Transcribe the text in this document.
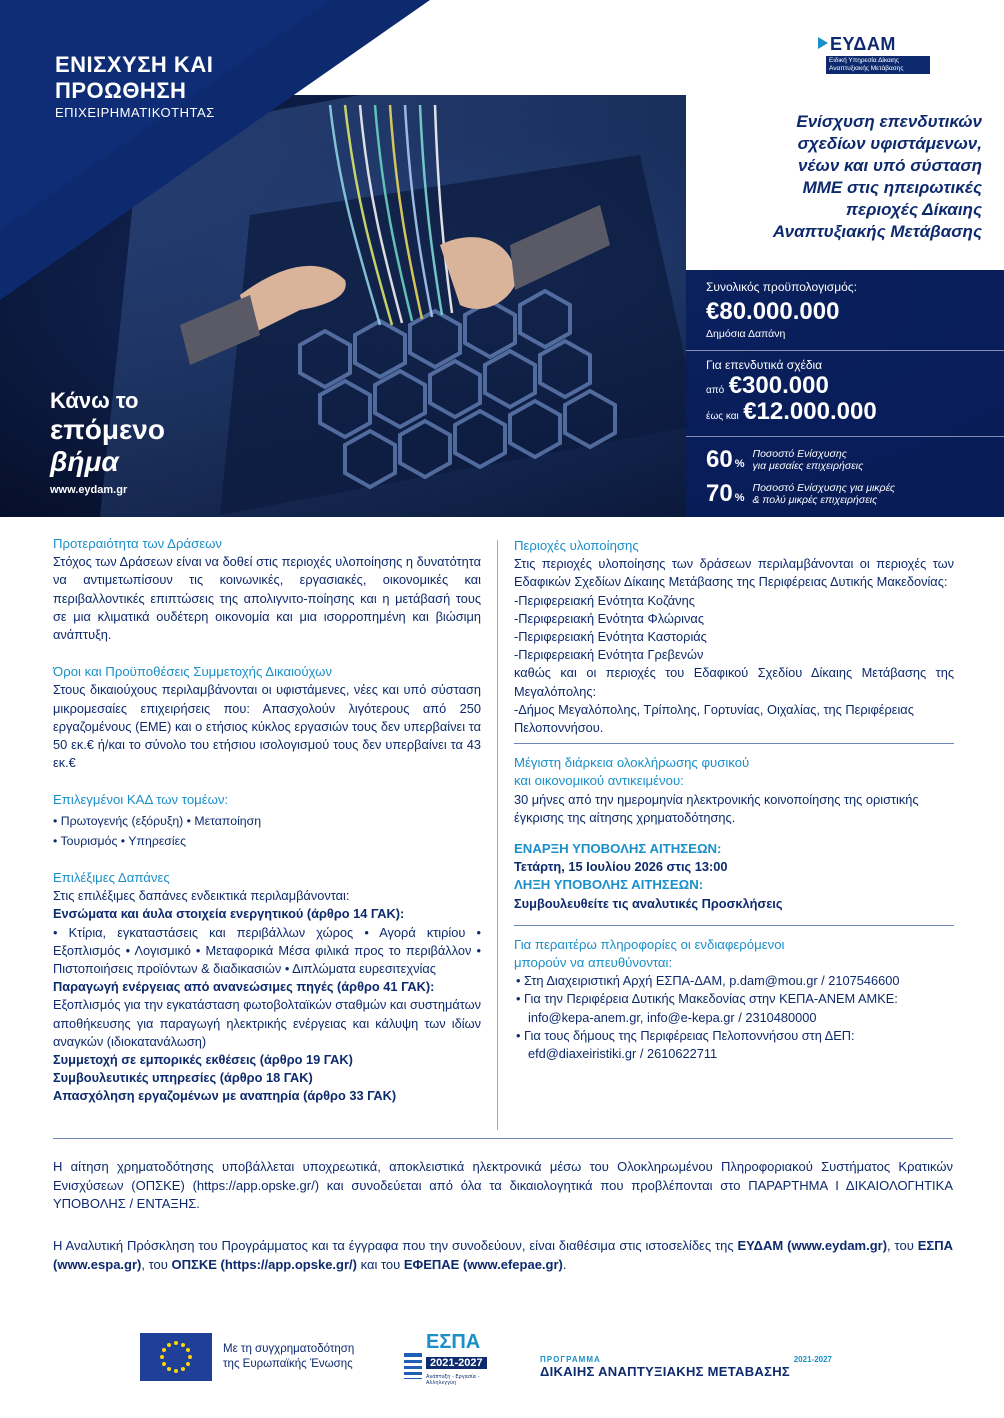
ΕΝΙΣΧΥΣΗ ΚΑΙ
ΠΡΟΩΘΗΣΗ
ΕΠΙΧΕΙΡΗΜΑΤΙΚΟΤΗΤΑΣ
Κάνω το
επόμενο
βήμα
www.eydam.gr
ΕΥΔΑΜ
Ειδική Υπηρεσία Δίκαιης
Αναπτυξιακής Μετάβασης
Ενίσχυση επενδυτικών
σχεδίων υφιστάμενων,
νέων και υπό σύσταση
ΜΜΕ στις ηπειρωτικές
περιοχές Δίκαιης
Αναπτυξιακής Μετάβασης
Συνολικός προϋπολογισμός:
€80.000.000
Δημόσια Δαπάνη
Για επενδυτικά σχέδια
από €300.000
έως και €12.000.000
60 %
Ποσοστό Ενίσχυσης
για μεσαίες επιχειρήσεις
70 %
Ποσοστό Ενίσχυσης για μικρές
& πολύ μικρές επιχειρήσεις
Προτεραιότητα των Δράσεων
Στόχος των Δράσεων είναι να δοθεί στις περιοχές υλοποίησης η δυνατότητα να αντιμετωπίσουν τις κοινωνικές, εργασιακές, οικονομικές και περιβαλλοντικές επιπτώσεις της απολιγνιτο-ποίησης και η μετάβασή τους σε μια κλιματικά ουδέτερη οικονομία και μια ισορροπημένη και βιώσιμη ανάπτυξη.
Όροι και Προϋποθέσεις Συμμετοχής Δικαιούχων
Στους δικαιούχους περιλαμβάνονται οι υφιστάμενες, νέες και υπό σύσταση μικρομεσαίες επιχειρήσεις που: Απασχολούν λιγότερους από 250 εργαζομένους (ΕΜΕ) και ο ετήσιος κύκλος εργασιών τους δεν υπερβαίνει τα 50 εκ.€ ή/και το σύνολο του ετήσιου ισολογισμού τους δεν υπερβαίνει τα 43 εκ.€
Επιλεγμένοι ΚΑΔ των τομέων:
• Πρωτογενής (εξόρυξη) • Μεταποίηση
• Τουρισμός • Υπηρεσίες
Επιλέξιμες Δαπάνες
Στις επιλέξιμες δαπάνες ενδεικτικά περιλαμβάνονται:
Ενσώματα και άυλα στοιχεία ενεργητικού (άρθρο 14 ΓΑΚ):
• Κτίρια, εγκαταστάσεις και περιβάλλων χώρος • Αγορά κτιρίου • Εξοπλισμός • Λογισμικό • Μεταφορικά Μέσα φιλικά προς το περιβάλλον • Πιστοποιήσεις προϊόντων & διαδικασιών • Διπλώματα ευρεσιτεχνίας
Παραγωγή ενέργειας από ανανεώσιμες πηγές (άρθρο 41 ΓΑΚ):
Εξοπλισμός για την εγκατάσταση φωτοβολταϊκών σταθμών και συστημάτων αποθήκευσης για παραγωγή ηλεκτρικής ενέργειας και κάλυψη των ιδίων αναγκών (ιδιοκατανάλωση)
Συμμετοχή σε εμπορικές εκθέσεις (άρθρο 19 ΓΑΚ)
Συμβουλευτικές υπηρεσίες (άρθρο 18 ΓΑΚ)
Απασχόληση εργαζομένων με αναπηρία (άρθρο 33 ΓΑΚ)
Περιοχές υλοποίησης
Στις περιοχές υλοποίησης των δράσεων περιλαμβάνονται οι περιοχές των Εδαφικών Σχεδίων Δίκαιης Μετάβασης της Περιφέρειας Δυτικής Μακεδονίας:
-Περιφερειακή Ενότητα Κοζάνης
-Περιφερειακή Ενότητα Φλώρινας
-Περιφερειακή Ενότητα Καστοριάς
-Περιφερειακή Ενότητα Γρεβενών
καθώς και οι περιοχές του Εδαφικού Σχεδίου Δίκαιης Μετάβασης της Μεγαλόπολης:
-Δήμος Μεγαλόπολης, Τρίπολης, Γορτυνίας, Οιχαλίας, της Περιφέρειας Πελοποννήσου.
Μέγιστη διάρκεια ολοκλήρωσης φυσικού
και οικονομικού αντικειμένου:
30 μήνες από την ημερομηνία ηλεκτρονικής κοινοποίησης της οριστικής έγκρισης της αίτησης χρηματοδότησης.
ΕΝΑΡΞΗ ΥΠΟΒΟΛΗΣ ΑΙΤΗΣΕΩΝ:
Τετάρτη, 15 Ιουλίου 2026 στις 13:00
ΛΗΞΗ ΥΠΟΒΟΛΗΣ ΑΙΤΗΣΕΩΝ:
Συμβουλευθείτε τις αναλυτικές Προσκλήσεις
Για περαιτέρω πληροφορίες οι ενδιαφερόμενοι
μπορούν να απευθύνονται:
• Στη Διαχειριστική Αρχή ΕΣΠΑ-ΔΑΜ, p.dam@mou.gr / 2107546600
• Για την Περιφέρεια Δυτικής Μακεδονίας στην ΚΕΠΑ-ΑΝΕΜ ΑΜΚΕ: info@kepa-anem.gr, info@e-kepa.gr / 2310480000
• Για τους δήμους της Περιφέρειας Πελοποννήσου στη ΔΕΠ: efd@diaxeiristiki.gr / 2610622711
Η αίτηση χρηματοδότησης υποβάλλεται υποχρεωτικά, αποκλειστικά ηλεκτρονικά μέσω του Ολοκληρωμένου Πληροφοριακού Συστήματος Κρατικών Ενισχύσεων (ΟΠΣΚΕ) (https://app.opske.gr/) και συνοδεύεται από όλα τα δικαιολογητικά που προβλέπονται στο ΠΑΡΑΡΤΗΜΑ Ι ΔΙΚΑΙΟΛΟΓΗΤΙΚΑ ΥΠΟΒΟΛΗΣ / ΕΝΤΑΞΗΣ.
Η Αναλυτική Πρόσκληση του Προγράμματος και τα έγγραφα που την συνοδεύουν, είναι διαθέσιμα στις ιστοσελίδες της ΕΥΔΑΜ (www.eydam.gr), του ΕΣΠΑ (www.espa.gr), του ΟΠΣΚΕ (https://app.opske.gr/) και του ΕΦΕΠΑΕ (www.efepae.gr).
Με τη συγχρηματοδότηση
της Ευρωπαϊκής Ένωσης
ΕΣΠΑ
2021-2027
Ανάπτυξη - Εργασία - Αλληλεγγύη
ΠΡΟΓΡΑΜΜΑ	2021-2027
ΔΙΚΑΙΗΣ ΑΝΑΠΤΥΞΙΑΚΗΣ ΜΕΤΑΒΑΣΗΣ
